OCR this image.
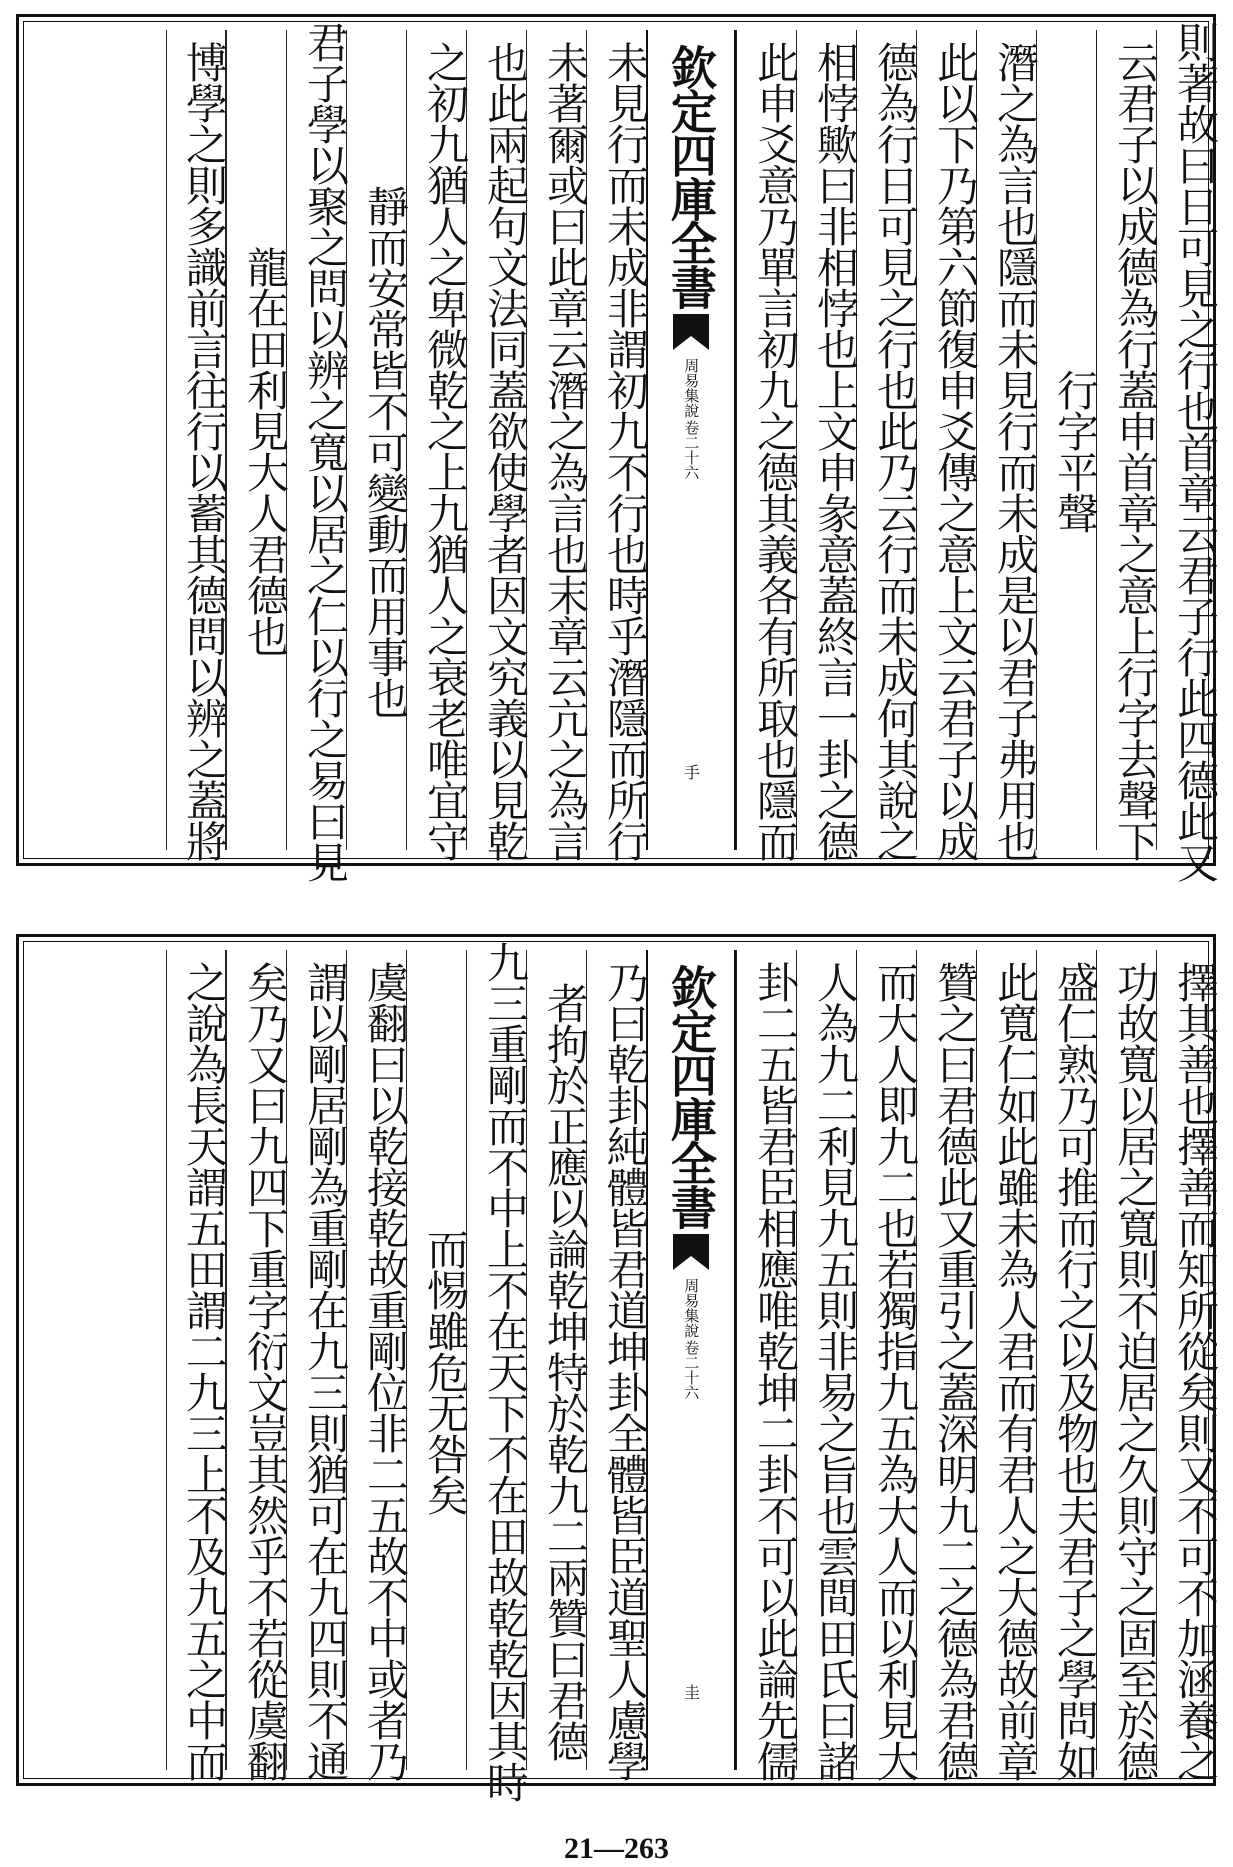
則著故曰日可見之行也首章云君子行此四德此又
云君子以成德為行蓋申首章之意上行字去聲下
行字平聲
潛之為言也隱而未見行而未成是以君子弗用也
此以下乃第六節復申爻傳之意上文云君子以成
德為行日可見之行也此乃云行而未成何其說之
相悖歟曰非相悖也上文申彖意蓋終言一卦之德
此申爻意乃單言初九之德其義各有所取也隱而
欽定四庫全書
周易集說
卷二十六
手
未見行而未成非謂初九不行也時乎潛隱而所行
未著爾或曰此章云潛之為言也末章云亢之為言
也此兩起句文法同蓋欲使學者因文究義以見乾
之初九猶人之卑微乾之上九猶人之衰老唯宜守
靜而安常皆不可變動而用事也
君子學以聚之問以辨之寬以居之仁以行之易曰見
龍在田利見大人君德也
博學之則多識前言往行以蓄其德問以辨之蓋將
擇其善也擇善而知所從矣則又不可不加涵養之
功故寬以居之寬則不迫居之久則守之固至於德
盛仁熟乃可推而行之以及物也夫君子之學問如
此寬仁如此雖未為人君而有君人之大德故前章
贊之曰君德此又重引之蓋深明九二之德為君德
而大人即九二也若獨指九五為大人而以利見大
人為九二利見九五則非易之旨也雲間田氏曰諸
卦二五皆君臣相應唯乾坤二卦不可以此論先儒
欽定四庫全書
周易集說
卷二十六
圭
乃曰乾卦純體皆君道坤卦全體皆臣道聖人慮學
者拘於正應以論乾坤特於乾九二兩贊曰君德
九三重剛而不中上不在天下不在田故乾乾因其時
而惕雖危无咎矣
虞翻曰以乾接乾故重剛位非二五故不中或者乃
謂以剛居剛為重剛在九三則猶可在九四則不通
矣乃又曰九四下重字衍文豈其然乎不若從虞翻
之說為長天謂五田謂二九三上不及九五之中而
21—263
